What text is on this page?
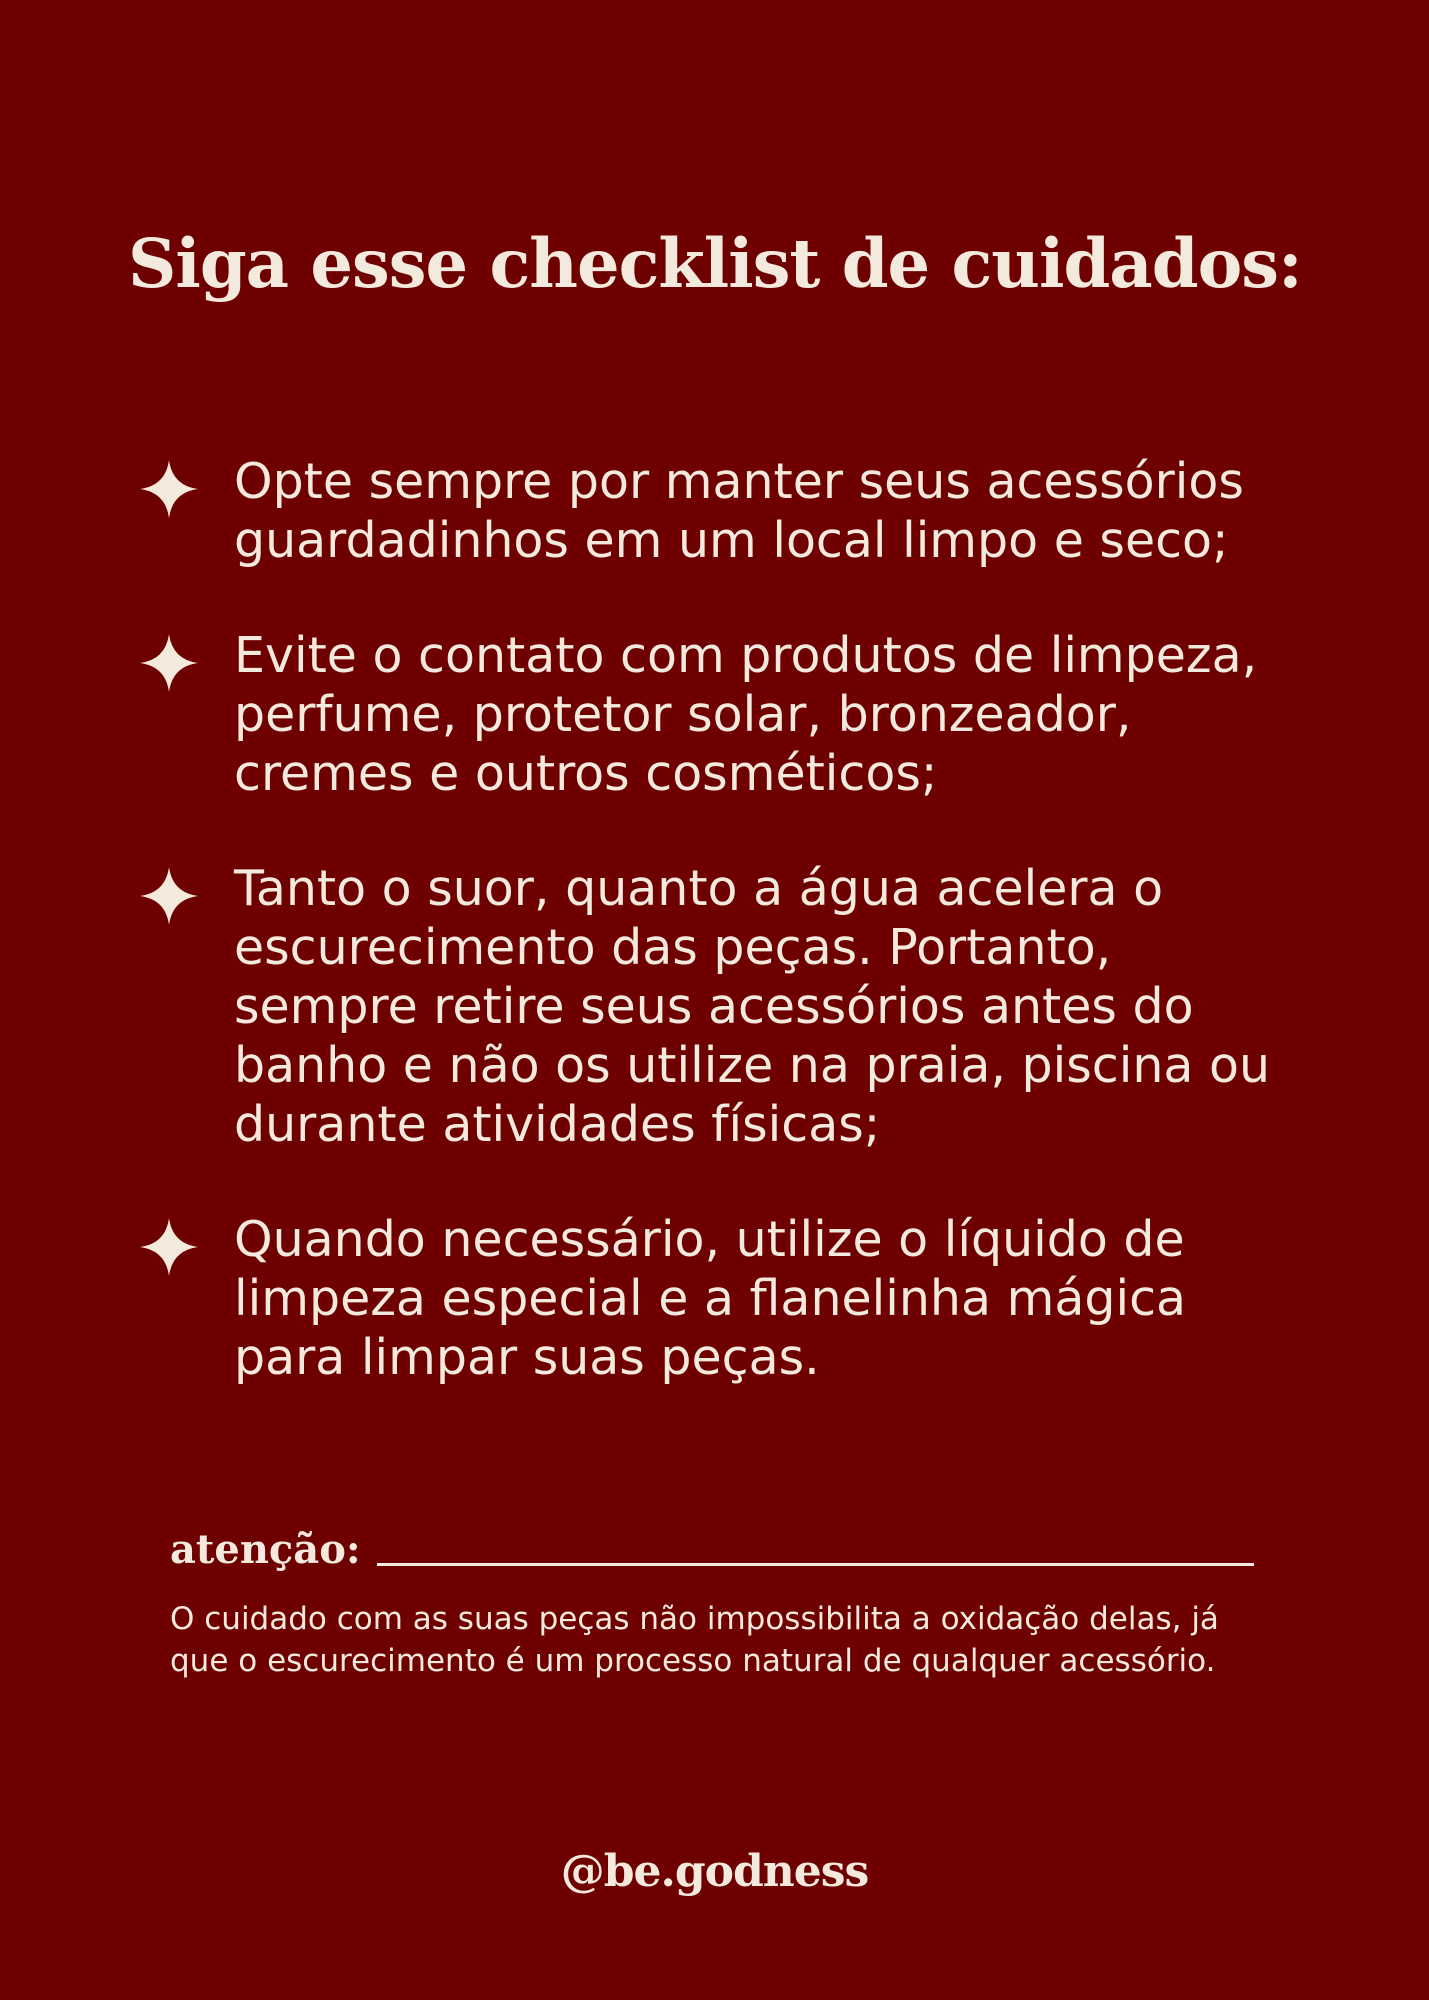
Siga esse checklist de cuidados:
Opte sempre por manter seus acessórios guardadinhos em um local limpo e seco;
Evite o contato com produtos de limpeza, perfume, protetor solar, bronzeador, cremes e outros cosméticos;
Tanto o suor, quanto a água acelera o escurecimento das peças. Portanto, sempre retire seus acessórios antes do banho e não os utilize na praia, piscina ou durante atividades físicas;
Quando necessário, utilize o líquido de limpeza especial e a flanelinha mágica para limpar suas peças.
atenção:
O cuidado com as suas peças não impossibilita a oxidação delas, já que o escurecimento é um processo natural de qualquer acessório.
@be.godness
